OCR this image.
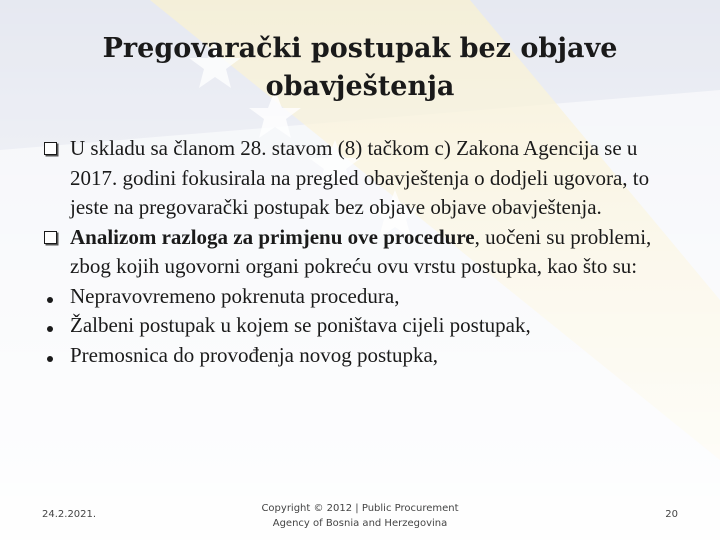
Pregovarački postupak bez objave
obavještenja
U skladu sa članom 28. stavom (8) tačkom c) Zakona Agencija se u 2017. godini fokusirala na pregled obavještenja o dodjeli ugovora, to jeste na pregovarački postupak bez objave objave obavještenja.
Analizom razloga za primjenu ove procedure, uočeni su problemi, zbog kojih ugovorni organi pokreću ovu vrstu postupka, kao što su:
Nepravovremeno pokrenuta procedura,
Žalbeni postupak u kojem se poništava cijeli postupak,
Premosnica do provođenja novog postupka,
24.2.2021.
Copyright © 2012 | Public Procurement
Agency of Bosnia and Herzegovina
20
